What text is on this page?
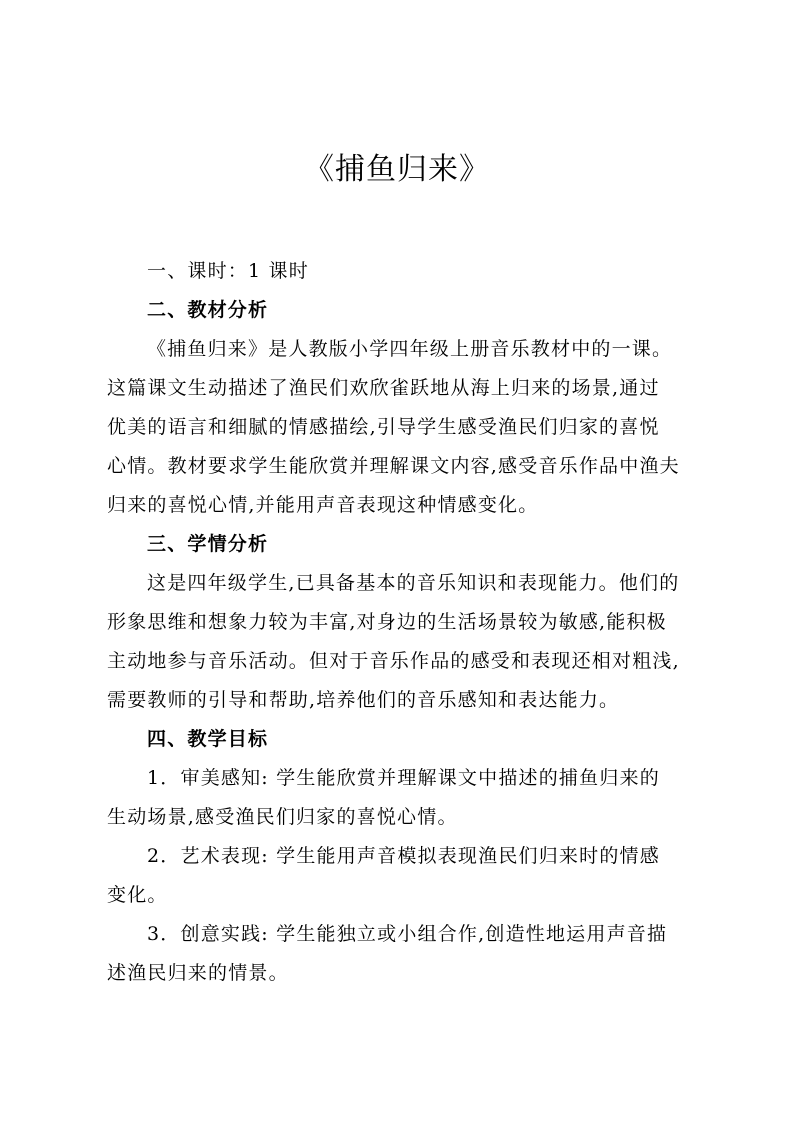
《捕鱼归来》
一、课时：1 课时
二、教材分析
《捕鱼归来》是人教版小学四年级上册音乐教材中的一课。
这篇课文生动描述了渔民们欢欣雀跃地从海上归来的场景,通过
优美的语言和细腻的情感描绘,引导学生感受渔民们归家的喜悦
心情。教材要求学生能欣赏并理解课文内容,感受音乐作品中渔夫
归来的喜悦心情,并能用声音表现这种情感变化。
三、学情分析
这是四年级学生,已具备基本的音乐知识和表现能力。他们的
形象思维和想象力较为丰富,对身边的生活场景较为敏感,能积极
主动地参与音乐活动。但对于音乐作品的感受和表现还相对粗浅,
需要教师的引导和帮助,培养他们的音乐感知和表达能力。
四、教学目标
1．审美感知: 学生能欣赏并理解课文中描述的捕鱼归来的
生动场景,感受渔民们归家的喜悦心情。
2．艺术表现: 学生能用声音模拟表现渔民们归来时的情感
变化。
3．创意实践: 学生能独立或小组合作,创造性地运用声音描
述渔民归来的情景。
